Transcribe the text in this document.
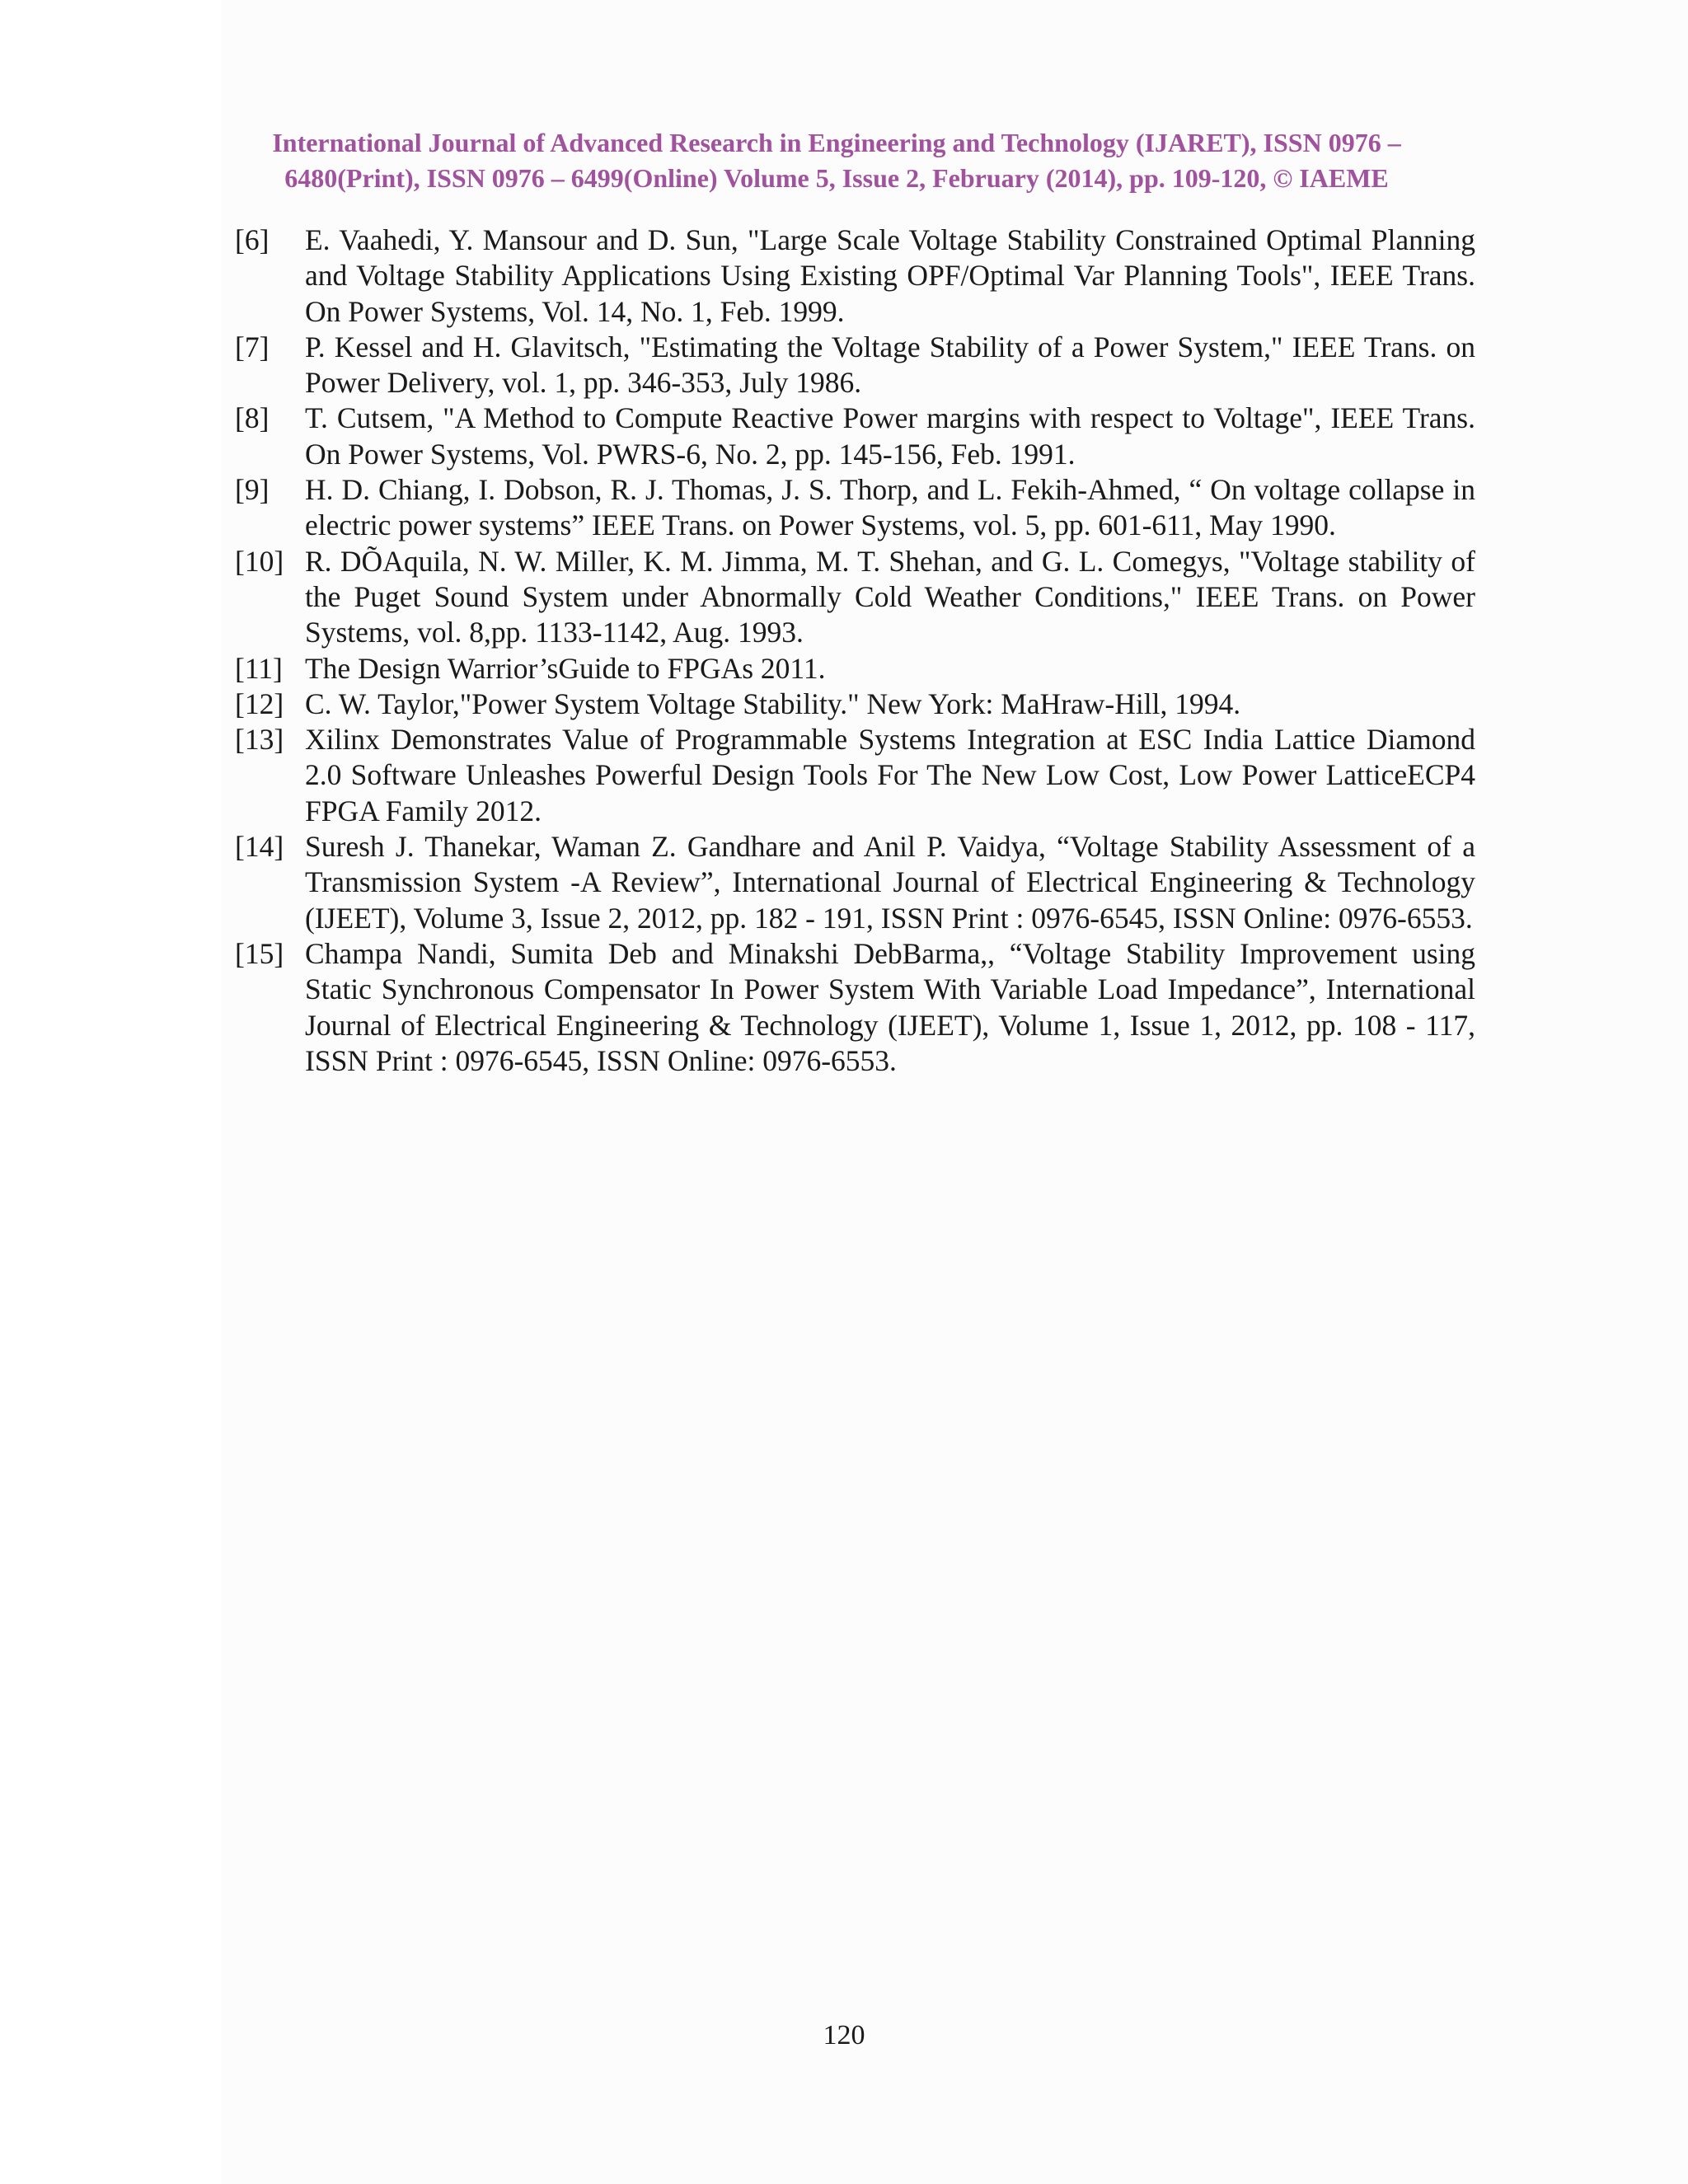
International Journal of Advanced Research in Engineering and Technology (IJARET), ISSN 0976 –
6480(Print), ISSN 0976 – 6499(Online) Volume 5, Issue 2, February (2014), pp. 109-120, © IAEME
[6]	E. Vaahedi, Y. Mansour and D. Sun, "Large Scale Voltage Stability Constrained Optimal Planning and Voltage Stability Applications Using Existing OPF/Optimal Var Planning Tools", IEEE Trans. On Power Systems, Vol. 14, No. 1, Feb. 1999.
[7]	P. Kessel and H. Glavitsch, "Estimating the Voltage Stability of a Power System," IEEE Trans. on Power Delivery, vol. 1, pp. 346-353, July 1986.
[8]	T. Cutsem, "A Method to Compute Reactive Power margins with respect to Voltage", IEEE Trans. On Power Systems, Vol. PWRS-6, No. 2, pp. 145-156, Feb. 1991.
[9]	H. D. Chiang, I. Dobson, R. J. Thomas, J. S. Thorp, and L. Fekih-Ahmed, “ On voltage collapse in electric power systems” IEEE Trans. on Power Systems, vol. 5, pp. 601-611, May 1990.
[10] R. DÕAquila, N. W. Miller, K. M. Jimma, M. T. Shehan, and G. L. Comegys, "Voltage stability of the Puget Sound System under Abnormally Cold Weather Conditions," IEEE Trans. on Power Systems, vol. 8,pp. 1133-1142, Aug. 1993.
[11] The Design Warrior’sGuide to FPGAs 2011.
[12] C. W. Taylor,"Power System Voltage Stability." New York: MaHraw-Hill, 1994.
[13] Xilinx Demonstrates Value of Programmable Systems Integration at ESC India Lattice Diamond 2.0 Software Unleashes Powerful Design Tools For The New Low Cost, Low Power LatticeECP4 FPGA Family 2012.
[14] Suresh J. Thanekar, Waman Z. Gandhare and Anil P. Vaidya, “Voltage Stability Assessment of a Transmission System -A Review”, International Journal of Electrical Engineering & Technology (IJEET), Volume 3, Issue 2, 2012, pp. 182 - 191, ISSN Print : 0976-6545, ISSN Online: 0976-6553.
[15] Champa Nandi, Sumita Deb and Minakshi DebBarma,, “Voltage Stability Improvement using Static Synchronous Compensator In Power System With Variable Load Impedance”, International Journal of Electrical Engineering & Technology (IJEET), Volume 1, Issue 1, 2012, pp. 108 - 117, ISSN Print : 0976-6545, ISSN Online: 0976-6553.
120
